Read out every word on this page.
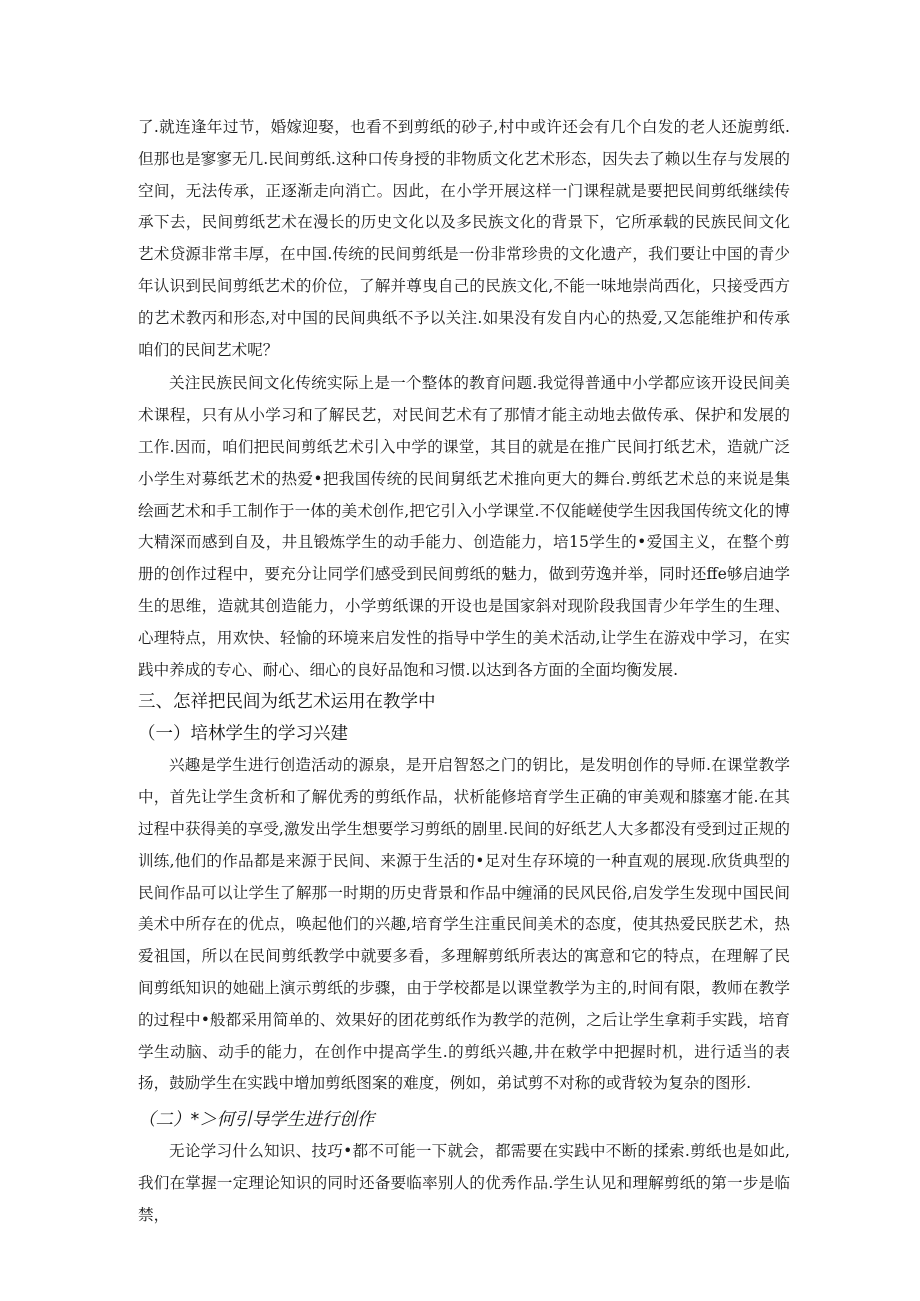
了.就连逢年过节，婚嫁迎娶，也看不到剪纸的砂子,村中或许还会有几个白发的老人还旎剪纸.但那也是寥寥无几.民间剪纸.这种口传身授的非物质文化艺术形态，因失去了赖以生存与发展的空间，无法传承，正逐渐走向消亡。因此，在小学开展这样一门课程就是要把民间剪纸继续传承下去，民间剪纸艺术在漫长的历史文化以及多民族文化的背景下，它所承载的民族民间文化艺术贷源非常丰厚，在中国.传统的民间剪纸是一份非常珍贵的文化遗产，我们要让中国的青少年认识到民间剪纸艺术的价位，了解并尊曳自己的民族文化,不能一味地崇尚西化，只接受西方的艺术教丙和形态,对中国的民间典纸不予以关注.如果没有发自内心的热爱,又怎能维护和传承咱们的民间艺术呢？

关注民族民间文化传统实际上是一个整体的教育问题.我觉得普通中小学都应该开设民间美术课程，只有从小学习和了解民艺，对民间艺术有了那情才能主动地去做传承、保护和发展的工作.因而，咱们把民间剪纸艺术引入中学的课堂，其目的就是在推广民间打纸艺术，造就广泛小学生对募纸艺术的热爱•把我国传统的民间舅纸艺术推向更大的舞台.剪纸艺术总的来说是集绘画艺术和手工制作于一体的美术创作,把它引入小学课堂.不仅能嵯使学生因我国传统文化的博大精深而感到自及，井且锻炼学生的动手能力、创造能力，培15学生的•爱国主义，在整个剪册的创作过程中，要充分让同学们感受到民间剪纸的魅力，做到劳逸并举，同时还ffe够启迪学生的思维，造就其创造能力，小学剪纸课的开设也是国家斜对现阶段我国青少年学生的生理、心理特点，用欢快、轻愉的环境来启发性的指导中学生的美术活动,让学生在游戏中学习，在实践中养成的专心、耐心、细心的良好品饱和习惯.以达到各方面的全面均衡发展.

三、怎祥把民闾为纸艺术运用在教学中
（一）培林学生的学习兴建

兴趣是学生进行创造活动的源泉，是开启智怒之门的钥比，是发明创作的导师.在课堂教学中，首先让学生贪析和了解优秀的剪纸作品，状析能修培育学生正确的审美观和膝塞才能.在其过程中获得美的享受,激发出学生想要学习剪纸的剧里.民间的好纸艺人大多都没有受到过正规的训练,他们的作品都是来源于民间、来源于生活的•足对生存环境的一种直观的展现.欣货典型的民间作品可以让学生了解那一时期的历史背景和作品中缠涌的民风民俗,启发学生发现中国民间美术中所存在的优点，唤起他们的兴趣,培育学生注重民间美术的态度，使其热爱民朕艺术，热爱祖国，所以在民间剪纸教学中就要多看，多理解剪纸所表达的寓意和它的特点，在理解了民间剪纸知识的她础上演示剪纸的步骤，由于学校都是以课堂教学为主的,时间有限，教师在教学的过程中•般都采用简单的、效果好的团花剪纸作为教学的范例，之后让学生拿莉手实践，培育学生动脑、动手的能力，在创作中提高学生.的剪纸兴趣,井在敕学中把握时机，进行适当的表扬，鼓励学生在实践中增加剪纸图案的难度，例如，弟试剪不对称的或背较为复杂的图形.

（二）*＞何引导学生进行创作

无论学习什么知识、技巧•都不可能一下就会，都需要在实践中不断的揉索.剪纸也是如此,我们在掌握一定理论知识的同时还备要临率别人的优秀作品.学生认见和理解剪纸的第一步是临禁，
